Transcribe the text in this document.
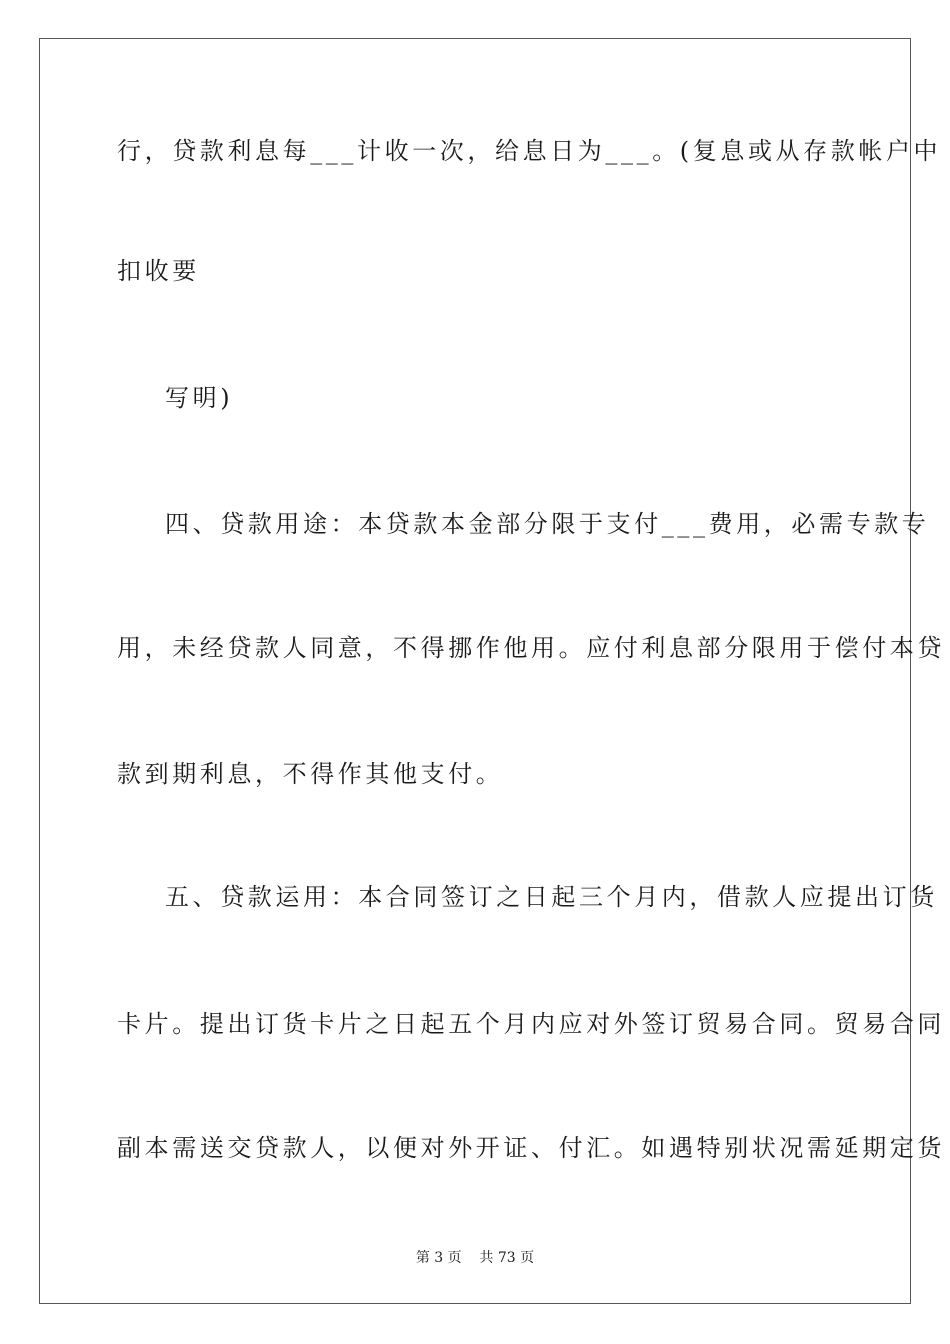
行，贷款利息每___计收一次，给息日为___。(复息或从存款帐户中
扣收要
写明)
四、贷款用途：本贷款本金部分限于支付___费用，必需专款专
用，未经贷款人同意，不得挪作他用。应付利息部分限用于偿付本贷
款到期利息，不得作其他支付。
五、贷款运用：本合同签订之日起三个月内，借款人应提出订货
卡片。提出订货卡片之日起五个月内应对外签订贸易合同。贸易合同
副本需送交贷款人，以便对外开证、付汇。如遇特别状况需延期定货
第 3 页    共 73 页
